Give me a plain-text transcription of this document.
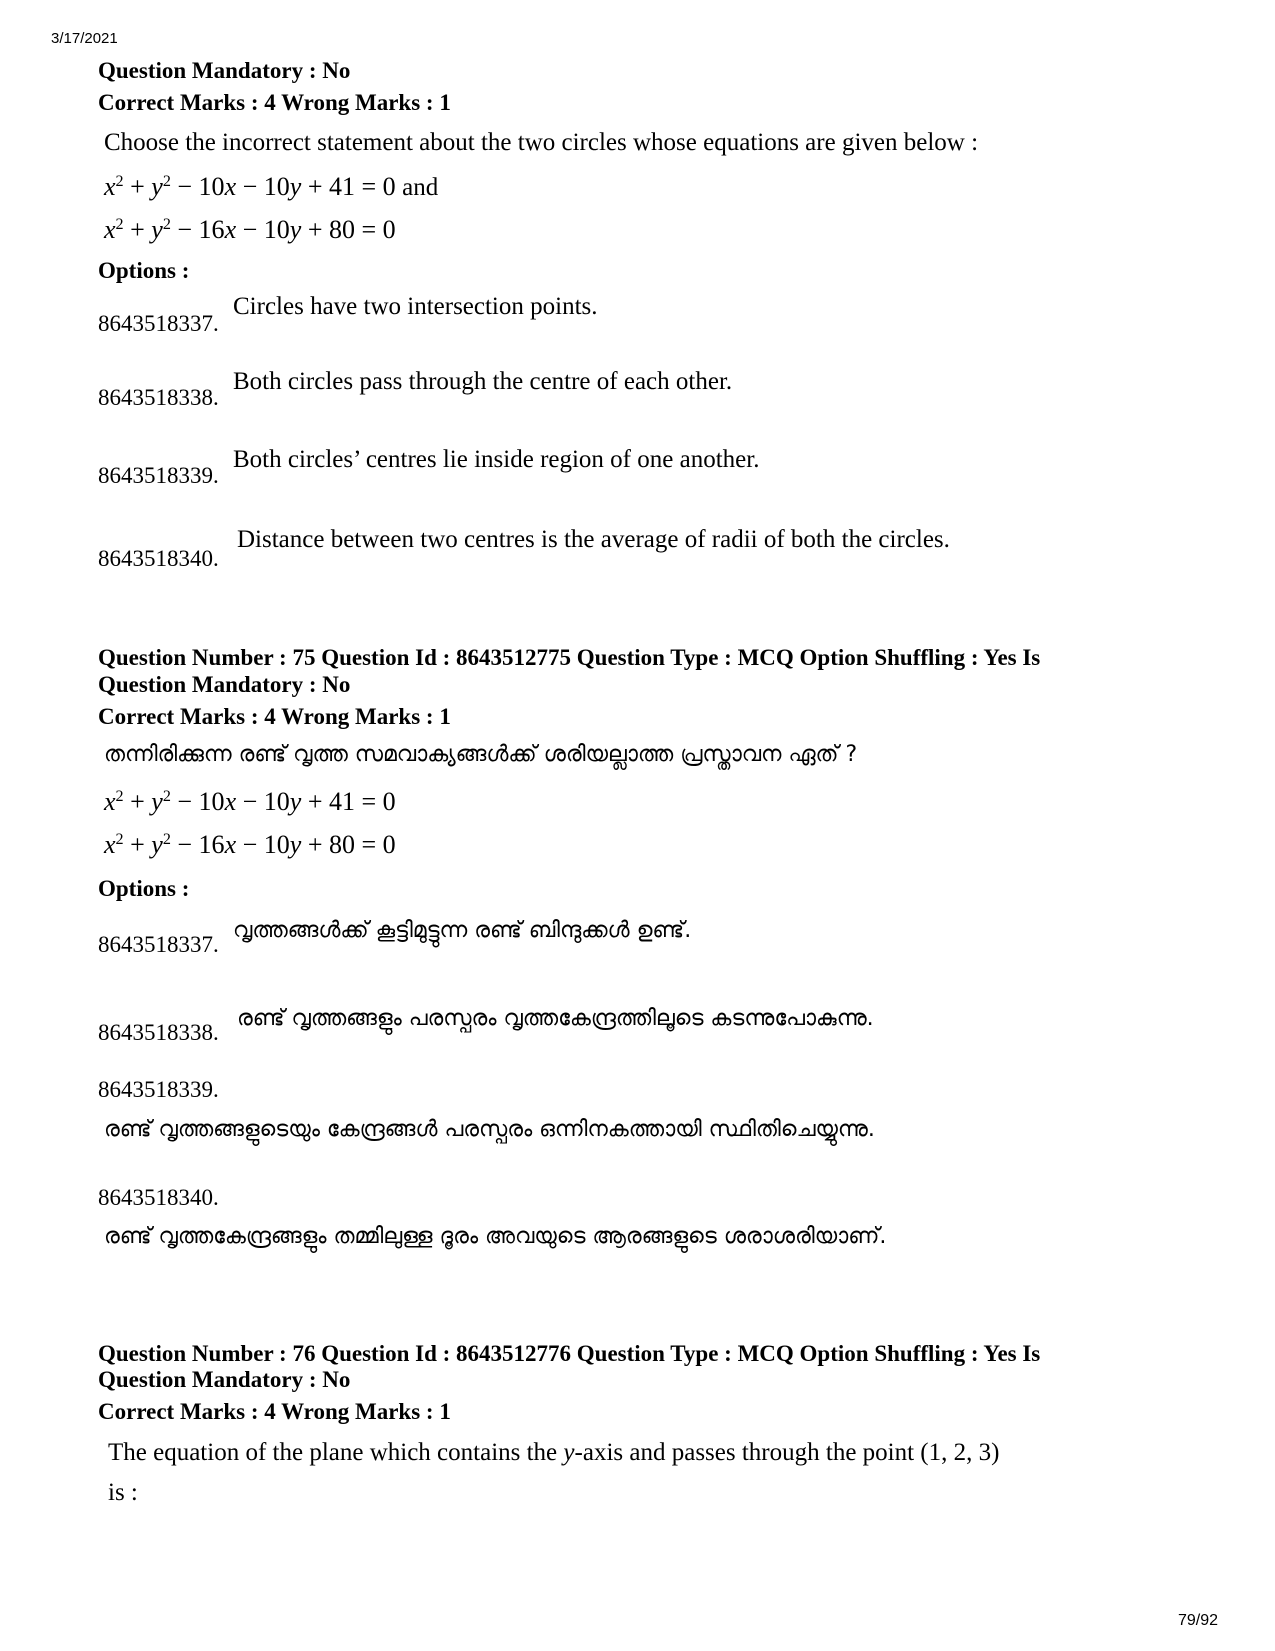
3/17/2021
79/92
Question Mandatory : No
Correct Marks : 4 Wrong Marks : 1
Choose the incorrect statement about the two circles whose equations are given below :
$x^2 + y^2 - 10x - 10y + 41 = 0$ and
$x^2 + y^2 - 16x - 10y + 80 = 0$
Options :
8643518337.
Circles have two intersection points.
8643518338.
Both circles pass through the centre of each other.
8643518339.
Both circles’ centres lie inside region of one another.
8643518340.
Distance between two centres is the average of radii of both the circles.
Question Number : 75 Question Id : 8643512775 Question Type : MCQ Option Shuffling : Yes Is
Question Mandatory : No
Correct Marks : 4 Wrong Marks : 1
തന്നിരിക്കുന്ന രണ്ട് വൃത്ത സമവാക്യങ്ങൾക്ക് ശരിയല്ലാത്ത പ്രസ്താവന ഏത് ?
$x^2 + y^2 - 10x - 10y + 41 = 0$
$x^2 + y^2 - 16x - 10y + 80 = 0$
Options :
8643518337.
വൃത്തങ്ങൾക്ക് കൂട്ടിമുട്ടുന്ന രണ്ട് ബിന്ദുക്കൾ ഉണ്ട്.
8643518338.
രണ്ട് വൃത്തങ്ങളും പരസ്പരം വൃത്തകേന്ദ്രത്തിലൂടെ കടന്നുപോകുന്നു.
8643518339.
രണ്ട് വൃത്തങ്ങളുടെയും കേന്ദ്രങ്ങൾ പരസ്പരം ഒന്നിനകത്തായി സ്ഥിതിചെയ്യുന്നു.
8643518340.
രണ്ട് വൃത്തകേന്ദ്രങ്ങളും തമ്മിലുള്ള ദൂരം അവയുടെ ആരങ്ങളുടെ ശരാശരിയാണ്.
Question Number : 76 Question Id : 8643512776 Question Type : MCQ Option Shuffling : Yes Is
Question Mandatory : No
Correct Marks : 4 Wrong Marks : 1
The equation of the plane which contains the y-axis and passes through the point (1, 2, 3)
is :
